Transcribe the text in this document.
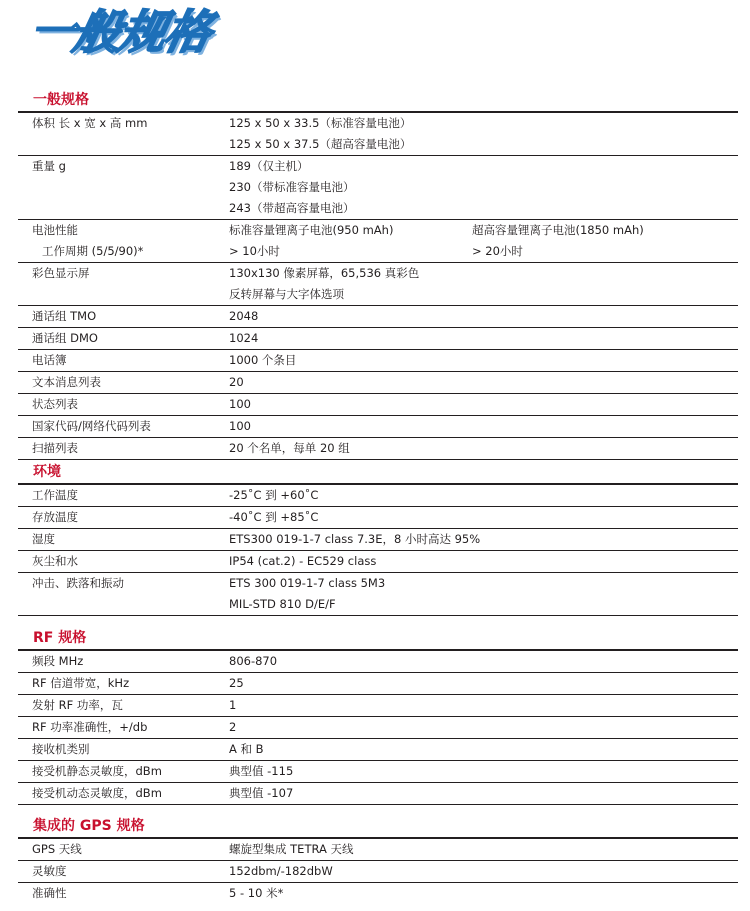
一般规格
一般规格
体积 长 x 宽 x 高 mm	125 x 50 x 33.5（标准容量电池）
125 x 50 x 37.5（超高容量电池）
重量 g	189（仅主机）
230（带标准容量电池）
243（带超高容量电池）
电池性能	标准容量锂离子电池(950 mAh)	超高容量锂离子电池(1850 mAh)
工作周期 (5/5/90)*	> 10小时	> 20小时
彩色显示屏	130x130 像素屏幕，65,536 真彩色
反转屏幕与大字体选项
通话组 TMO	2048
通话组 DMO	1024
电话簿	1000 个条目
文本消息列表	20
状态列表	100
国家代码/网络代码列表	100
扫描列表	20 个名单，每单 20 组
环境
工作温度	-25˚C 到 +60˚C
存放温度	-40˚C 到 +85˚C
湿度	ETS300 019-1-7 class 7.3E，8 小时高达 95%
灰尘和水	IP54 (cat.2) - EC529 class
冲击、跌落和振动	ETS 300 019-1-7 class 5M3
MIL-STD 810 D/E/F
RF 规格
频段 MHz	806-870
RF 信道带宽，kHz	25
发射 RF 功率，瓦	1
RF 功率准确性，+/db	2
接收机类别	A 和 B
接受机静态灵敏度，dBm	典型值 -115
接受机动态灵敏度，dBm	典型值 -107
集成的 GPS 规格
GPS 天线	螺旋型集成 TETRA 天线
灵敏度	152dbm/-182dbW
准确性	5 - 10 米*
